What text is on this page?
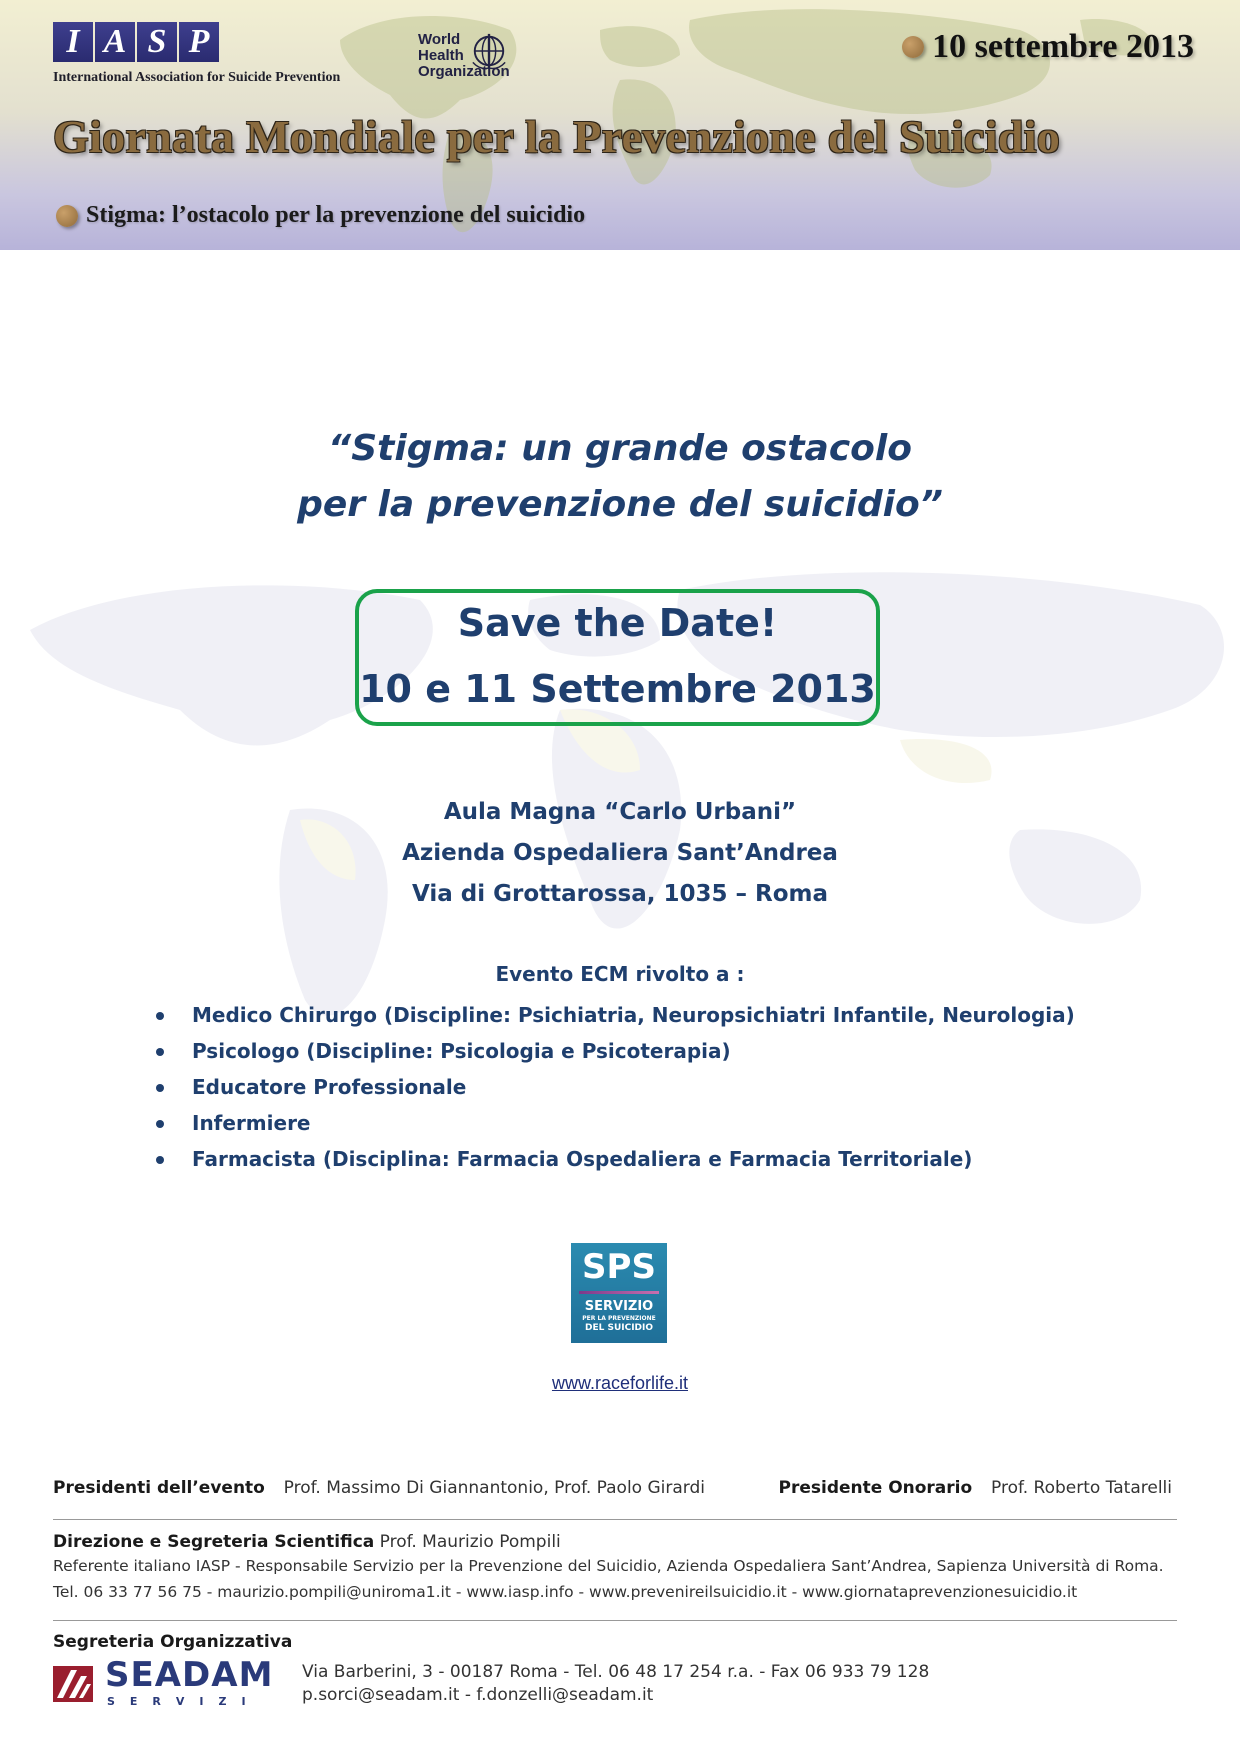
I A S P
International Association for Suicide Prevention
World
Health
Organization
10 settembre 2013
Giornata Mondiale per la Prevenzione del Suicidio
Stigma: l’ostacolo per la prevenzione del suicidio
“Stigma: un grande ostacolo
per la prevenzione del suicidio”
Save the Date!
10 e 11 Settembre 2013
Aula Magna “Carlo Urbani”
Azienda Ospedaliera Sant’Andrea
Via di Grottarossa, 1035 – Roma
Evento ECM rivolto a :
Medico Chirurgo (Discipline: Psichiatria, Neuropsichiatri Infantile, Neurologia)
Psicologo (Discipline: Psicologia e Psicoterapia)
Educatore Professionale
Infermiere
Farmacista (Disciplina: Farmacia Ospedaliera e Farmacia Territoriale)
SPS
SERVIZIO
PER LA PREVENZIONE
DEL SUICIDIO
www.raceforlife.it
Presidenti dell’evento Prof. Massimo Di Giannantonio, Prof. Paolo Girardi	Presidente Onorario Prof. Roberto Tatarelli
Direzione e Segreteria Scientifica Prof. Maurizio Pompili
Referente italiano IASP - Responsabile Servizio per la Prevenzione del Suicidio, Azienda Ospedaliera Sant’Andrea, Sapienza Università di Roma.
Tel. 06 33 77 56 75 - maurizio.pompili@uniroma1.it - www.iasp.info - www.prevenireilsuicidio.it - www.giornataprevenzionesuicidio.it
Segreteria Organizzativa
SEADAM
SERVIZI
Via Barberini, 3 - 00187 Roma - Tel. 06 48 17 254 r.a. - Fax 06 933 79 128
p.sorci@seadam.it - f.donzelli@seadam.it
